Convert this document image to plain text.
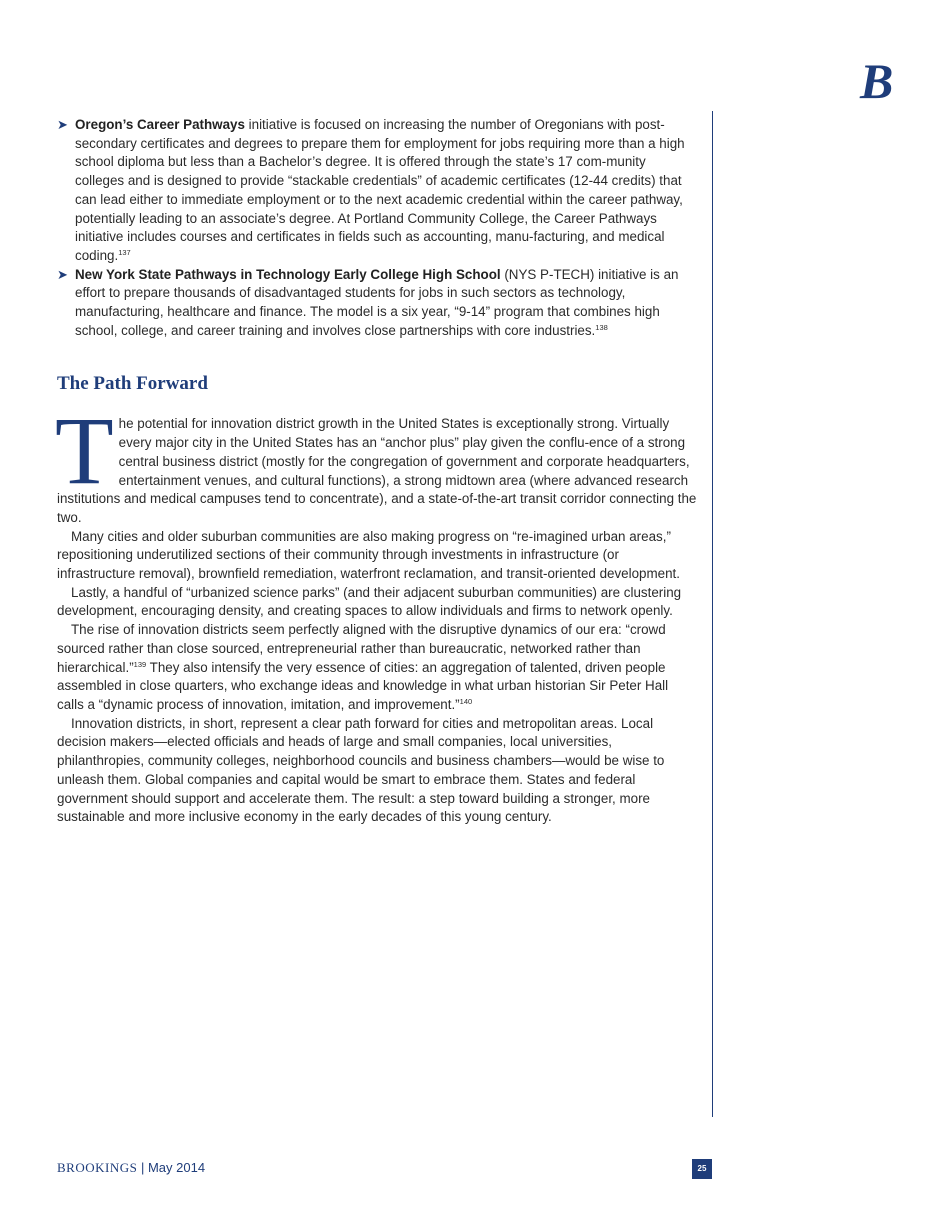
B

➤ Oregon’s Career Pathways initiative is focused on increasing the number of Oregonians with post-secondary certificates and degrees to prepare them for employment for jobs requiring more than a high school diploma but less than a Bachelor’s degree. It is offered through the state’s 17 com-munity colleges and is designed to provide “stackable credentials” of academic certificates (12-44 credits) that can lead either to immediate employment or to the next academic credential within the career pathway, potentially leading to an associate’s degree. At Portland Community College, the Career Pathways initiative includes courses and certificates in fields such as accounting, manu-facturing, and medical coding.$^{137}$

➤ New York State Pathways in Technology Early College High School (NYS P-TECH) initiative is an effort to prepare thousands of disadvantaged students for jobs in such sectors as technology, manufacturing, healthcare and finance. The model is a six year, “9-14” program that combines high school, college, and career training and involves close partnerships with core industries.$^{138}$

The Path Forward

The potential for innovation district growth in the United States is exceptionally strong. Virtually every major city in the United States has an “anchor plus” play given the conflu-ence of a strong central business district (mostly for the congregation of government and corporate headquarters, entertainment venues, and cultural functions), a strong midtown area (where advanced research institutions and medical campuses tend to concentrate), and a state-of-the-art transit corridor connecting the two.

Many cities and older suburban communities are also making progress on “re-imagined urban areas,” repositioning underutilized sections of their community through investments in infrastructure (or infrastructure removal), brownfield remediation, waterfront reclamation, and transit-oriented development.

Lastly, a handful of “urbanized science parks” (and their adjacent suburban communities) are clustering development, encouraging density, and creating spaces to allow individuals and firms to network openly.

The rise of innovation districts seem perfectly aligned with the disruptive dynamics of our era: “crowd sourced rather than close sourced, entrepreneurial rather than bureaucratic, networked rather than hierarchical.”$^{139}$ They also intensify the very essence of cities: an aggregation of talented, driven people assembled in close quarters, who exchange ideas and knowledge in what urban historian Sir Peter Hall calls a “dynamic process of innovation, imitation, and improvement.”$^{140}$

Innovation districts, in short, represent a clear path forward for cities and metropolitan areas. Local decision makers—elected officials and heads of large and small companies, local universities, philanthropies, community colleges, neighborhood councils and business chambers—would be wise to unleash them. Global companies and capital would be smart to embrace them. States and federal government should support and accelerate them. The result: a step toward building a stronger, more sustainable and more inclusive economy in the early decades of this young century.

BROOKINGS | May 2014	25
